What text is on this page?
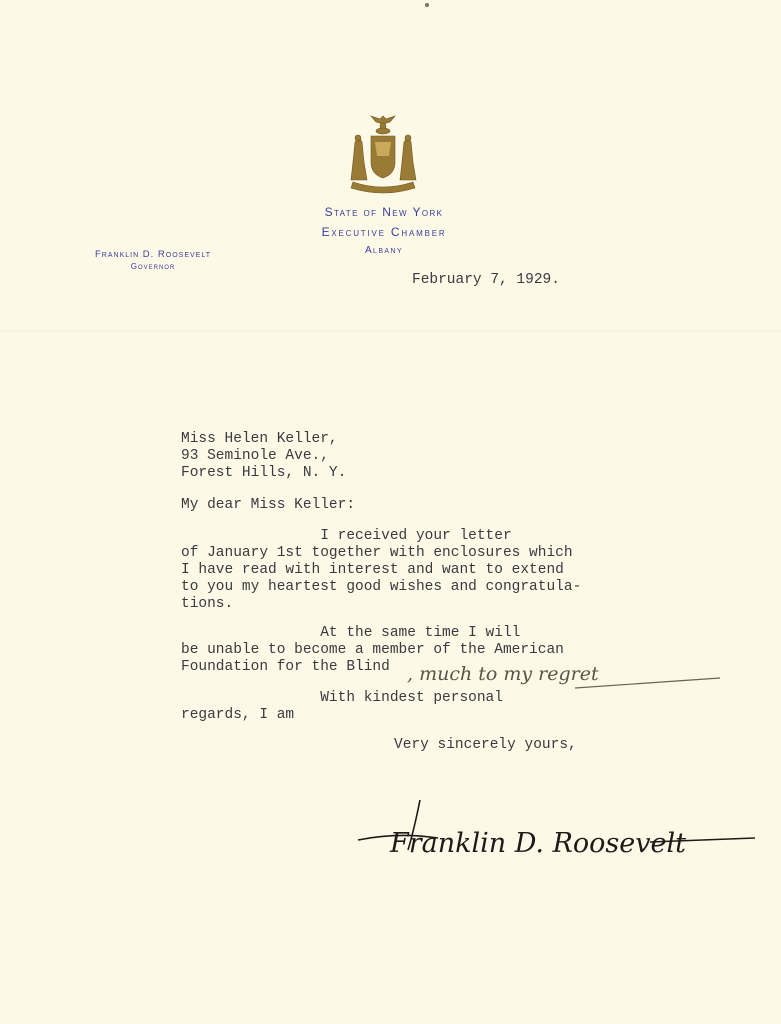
State of New York
Executive Chamber
Albany
Franklin D. Roosevelt
Governor
February 7, 1929.
Miss Helen Keller,
93 Seminole Ave.,
Forest Hills, N. Y.
My dear Miss Keller:
I received your letter
of January 1st together with enclosures which
I have read with interest and want to extend
to you my heartest good wishes and congratula-
tions.
At the same time I will
be unable to become a member of the American
Foundation for the Blind , much to my regret
With kindest personal
regards, I am
Very sincerely yours,
Franklin D. Roosevelt
